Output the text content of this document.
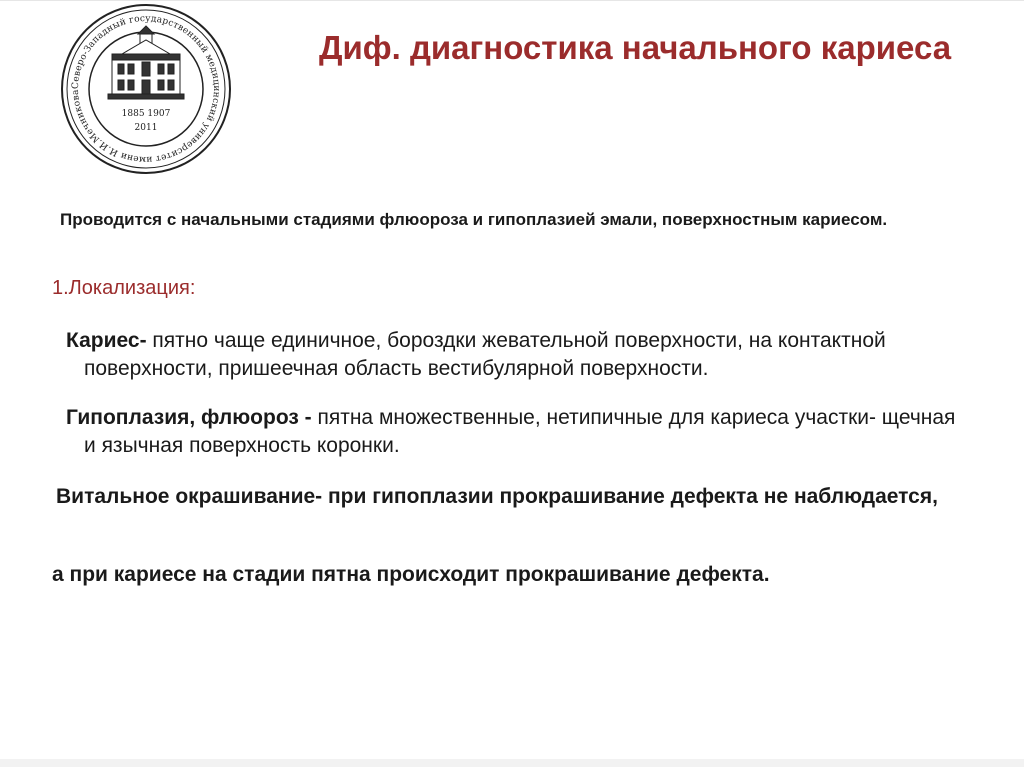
Северо-Западный государственный медицинский университет имени И.И.Мечникова
1885 1907
2011
Диф. диагностика начального кариеса
Проводится с начальными стадиями флюороза и гипоплазией эмали, поверхностным кариесом.
1.Локализация:
Кариес- пятно чаще единичное, бороздки жевательной поверхности, на контактной поверхности, пришеечная область вестибулярной поверхности.
Гипоплазия, флюороз - пятна множественные, нетипичные для кариеса участки- щечная и язычная поверхность коронки.
Витальное окрашивание- при гипоплазии прокрашивание дефекта не наблюдается,
а при кариесе на стадии пятна происходит прокрашивание дефекта.
